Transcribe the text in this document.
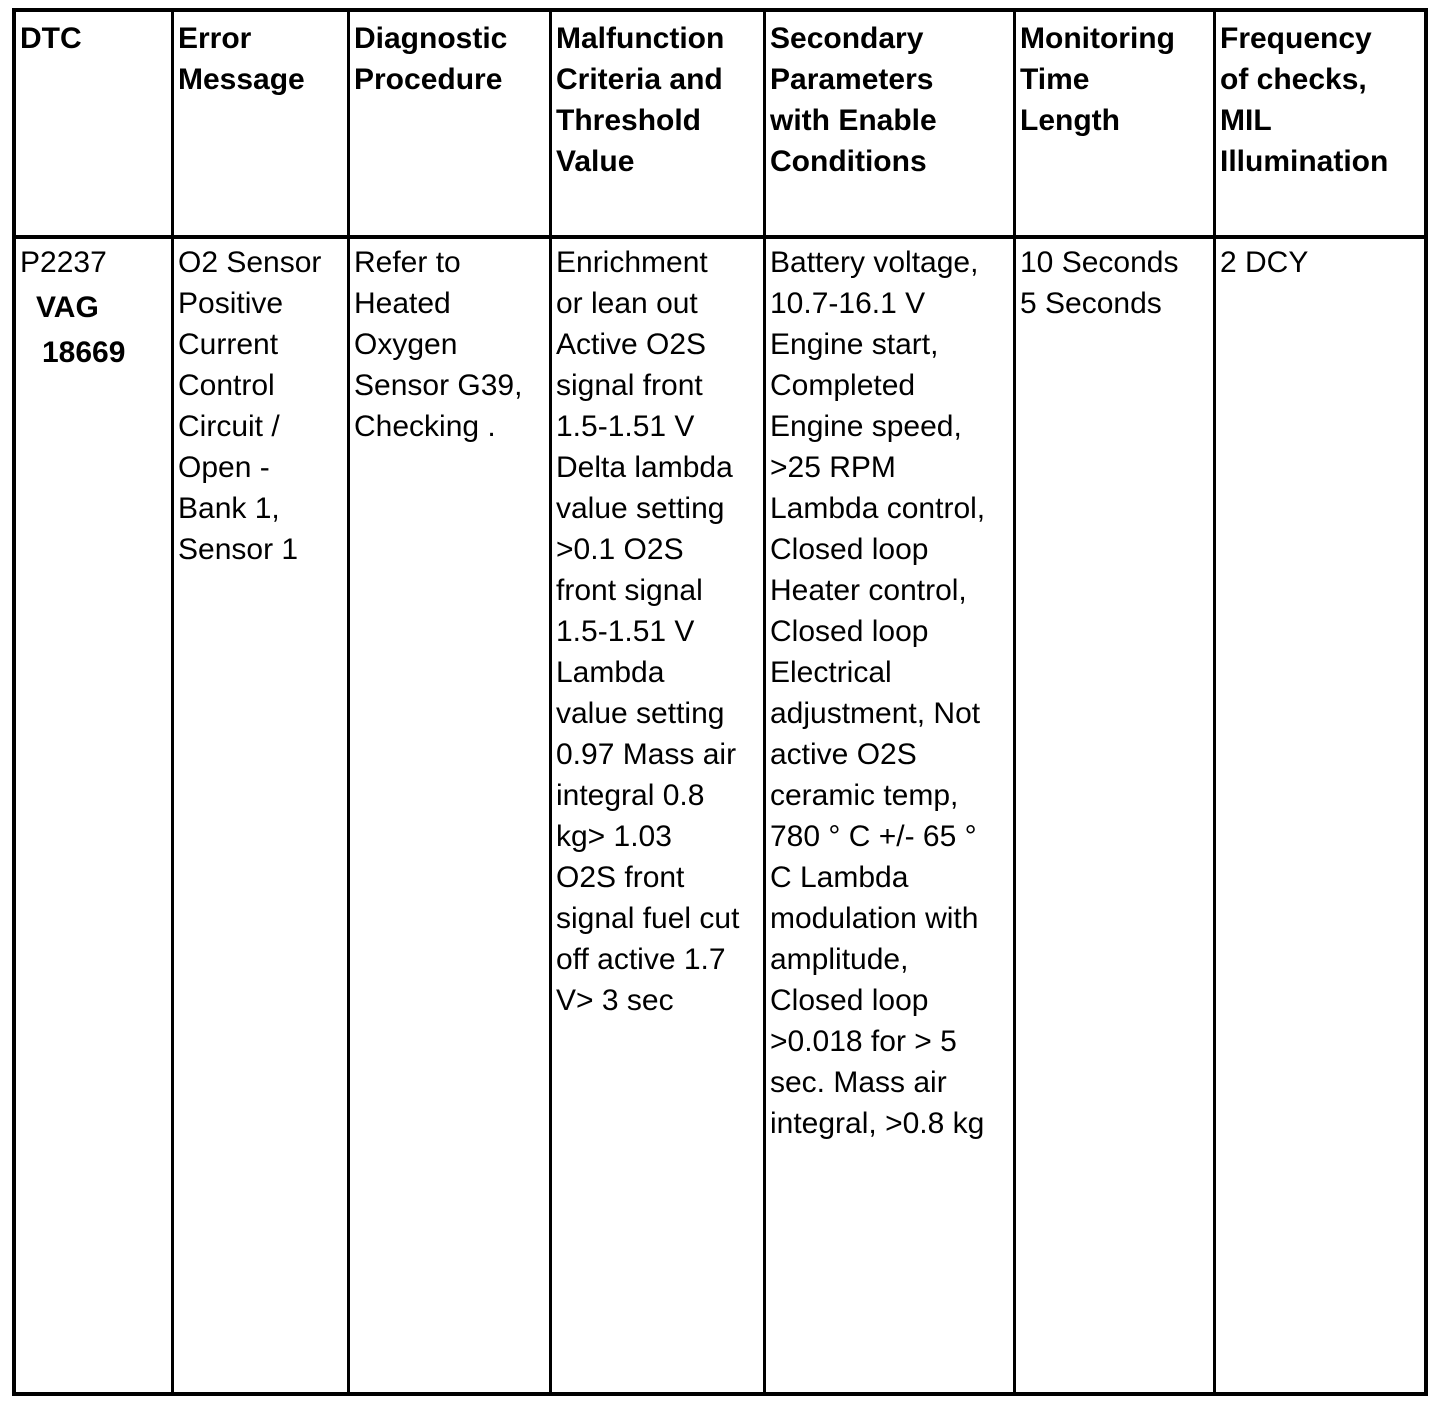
DTC	Error
Message
Diagnostic
Procedure
Malfunction
Criteria and
Threshold
Value
Secondary
Parameters
with Enable
Conditions
Monitoring
Time
Length
Frequency
of checks,
MIL
Illumination
P2237
VAG
18669
O2 Sensor
Positive
Current
Control
Circuit /
Open -
Bank 1,
Sensor 1
Refer to
Heated
Oxygen
Sensor G39,
Checking .
Enrichment
or lean out
Active O2S
signal front
1.5-1.51 V
Delta lambda
value setting
>0.1 O2S
front signal
1.5-1.51 V
Lambda
value setting
0.97 Mass air
integral 0.8
kg> 1.03
O2S front
signal fuel cut
off active 1.7
V> 3 sec
Battery voltage,
10.7-16.1 V
Engine start,
Completed
Engine speed,
>25 RPM
Lambda control,
Closed loop
Heater control,
Closed loop
Electrical
adjustment, Not
active O2S
ceramic temp,
780 ° C +/- 65 °
C Lambda
modulation with
amplitude,
Closed loop
>0.018 for > 5
sec. Mass air
integral, >0.8 kg
10 Seconds
5 Seconds
2 DCY
